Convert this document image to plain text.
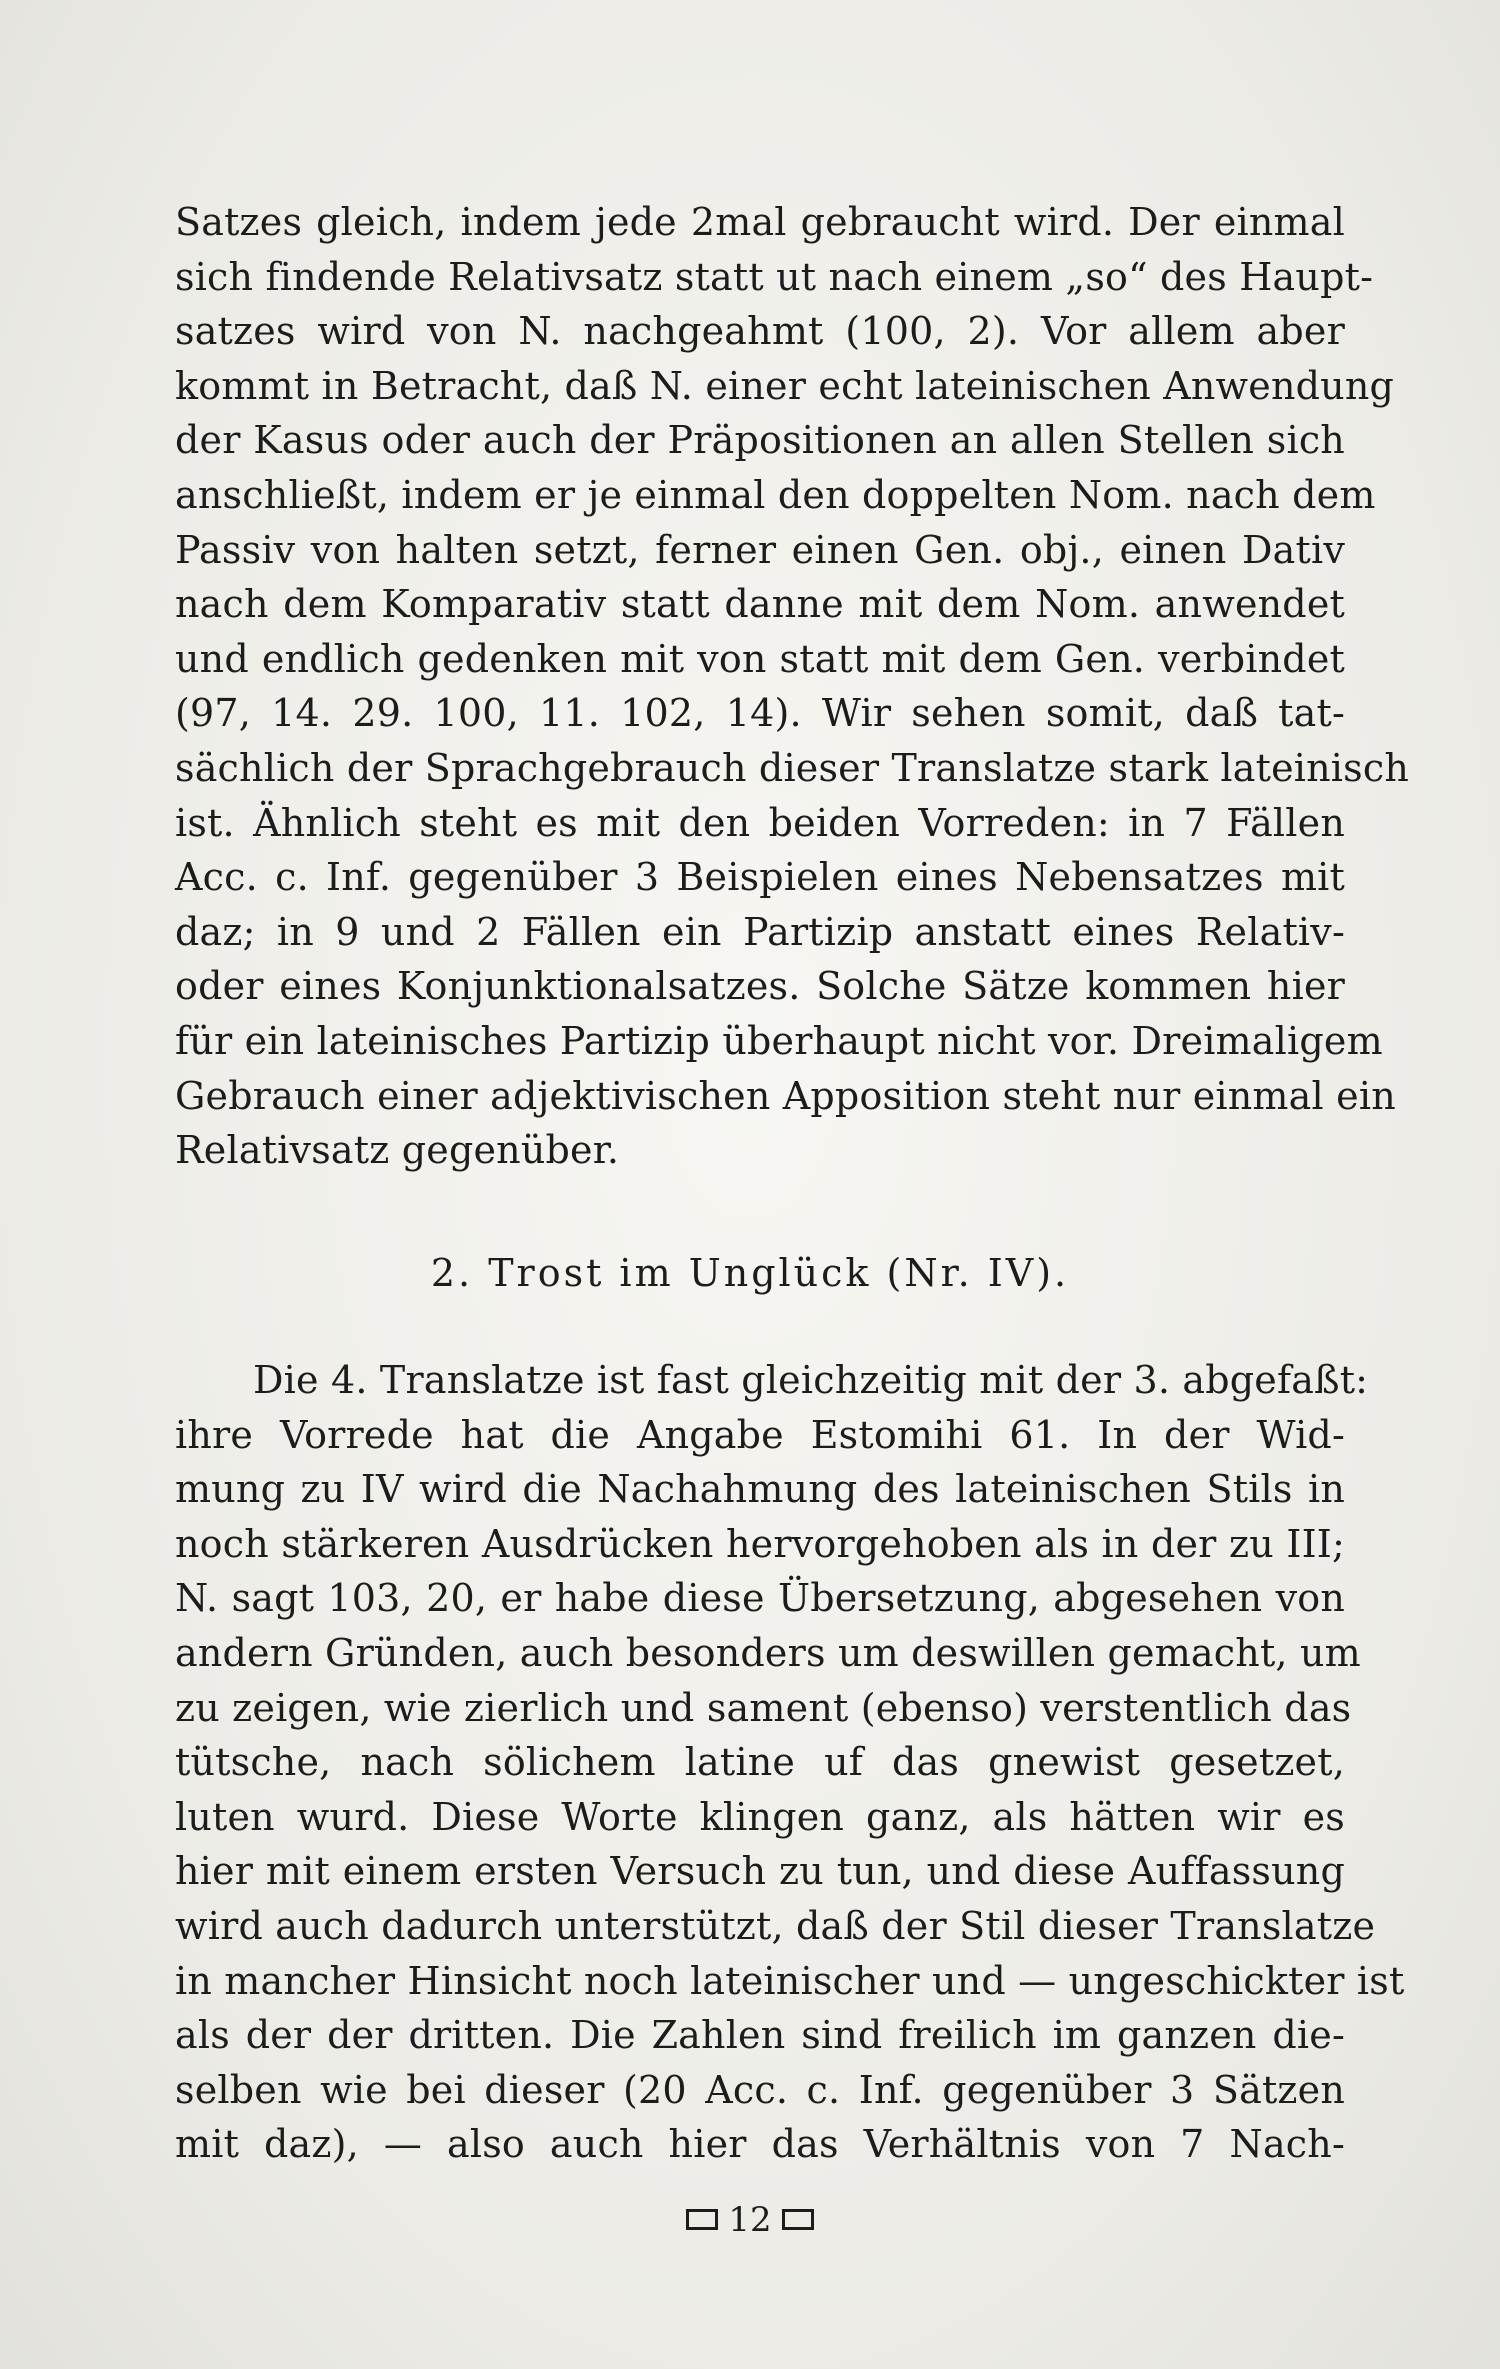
Satzes gleich, indem jede 2mal gebraucht wird. Der einmal
sich findende Relativsatz statt ut nach einem „so“ des Haupt-
satzes wird von N. nachgeahmt (100, 2). Vor allem aber
kommt in Betracht, daß N. einer echt lateinischen Anwendung
der Kasus oder auch der Präpositionen an allen Stellen sich
anschließt, indem er je einmal den doppelten Nom. nach dem
Passiv von halten setzt, ferner einen Gen. obj., einen Dativ
nach dem Komparativ statt danne mit dem Nom. anwendet
und endlich gedenken mit von statt mit dem Gen. verbindet
(97, 14. 29. 100, 11. 102, 14). Wir sehen somit, daß tat-
sächlich der Sprachgebrauch dieser Translatze stark lateinisch
ist. Ähnlich steht es mit den beiden Vorreden: in 7 Fällen
Acc. c. Inf. gegenüber 3 Beispielen eines Nebensatzes mit
daz; in 9 und 2 Fällen ein Partizip anstatt eines Relativ-
oder eines Konjunktionalsatzes. Solche Sätze kommen hier
für ein lateinisches Partizip überhaupt nicht vor. Dreimaligem
Gebrauch einer adjektivischen Apposition steht nur einmal ein
Relativsatz gegenüber.
2. Trost im Unglück (Nr. IV).
Die 4. Translatze ist fast gleichzeitig mit der 3. abgefaßt:
ihre Vorrede hat die Angabe Estomihi 61. In der Wid-
mung zu IV wird die Nachahmung des lateinischen Stils in
noch stärkeren Ausdrücken hervorgehoben als in der zu III;
N. sagt 103, 20, er habe diese Übersetzung, abgesehen von
andern Gründen, auch besonders um deswillen gemacht, um
zu zeigen, wie zierlich und sament (ebenso) verstentlich das
tütsche, nach sölichem latine uf das gnewist gesetzet,
luten wurd. Diese Worte klingen ganz, als hätten wir es
hier mit einem ersten Versuch zu tun, und diese Auffassung
wird auch dadurch unterstützt, daß der Stil dieser Translatze
in mancher Hinsicht noch lateinischer und — ungeschickter ist
als der der dritten. Die Zahlen sind freilich im ganzen die-
selben wie bei dieser (20 Acc. c. Inf. gegenüber 3 Sätzen
mit daz), — also auch hier das Verhältnis von 7 Nach-
12
